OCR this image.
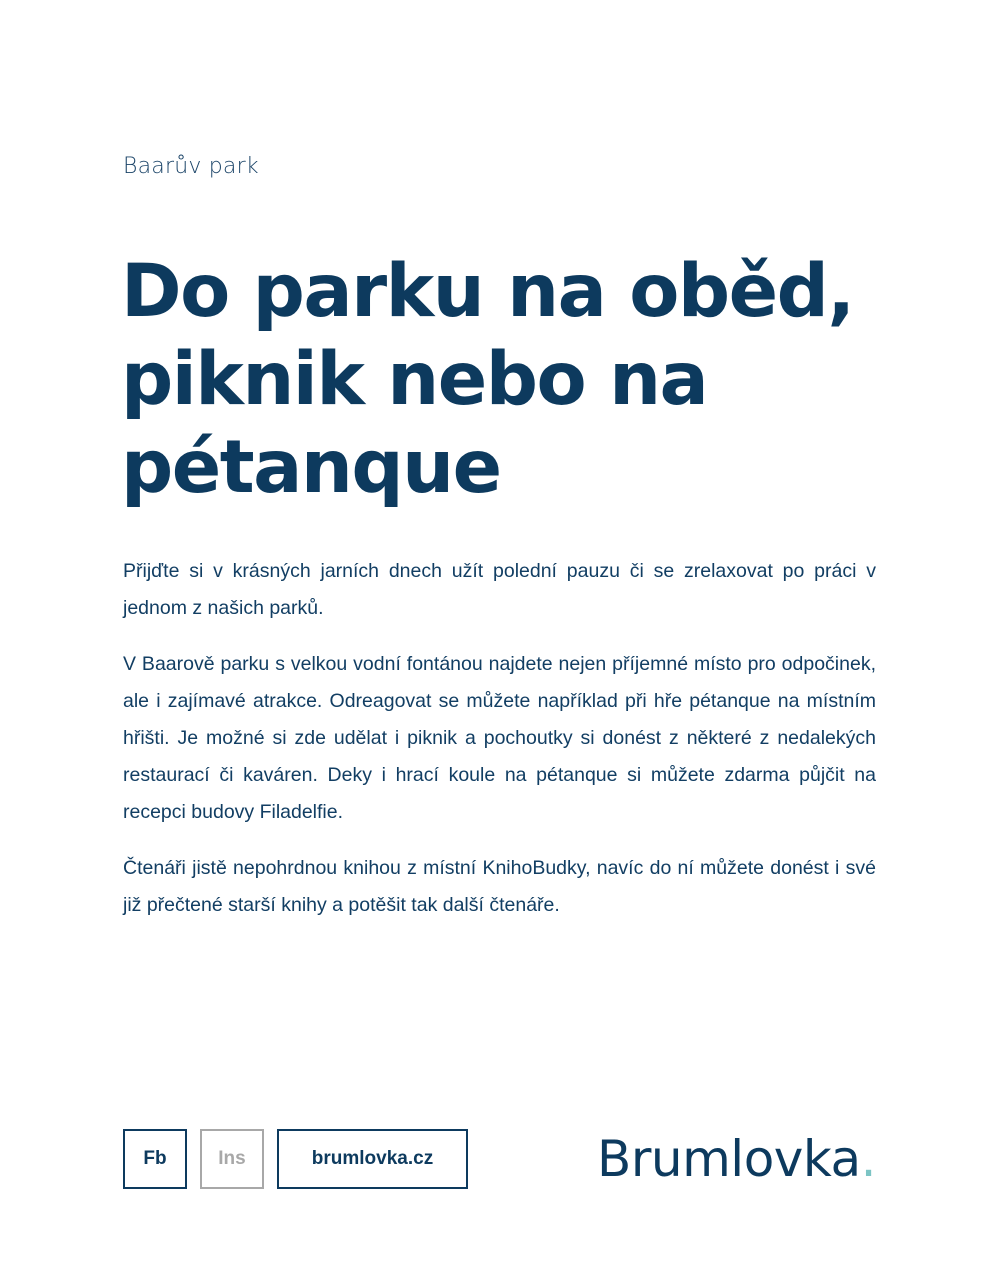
Baarův park
Do parku na oběd, piknik nebo na pétanque

Přijďte si v krásných jarních dnech užít polední pauzu či se zrelaxovat po práci v jednom z našich parků.

V Baarově parku s velkou vodní fontánou najdete nejen příjemné místo pro odpočinek, ale i zajímavé atrakce. Odreagovat se můžete například při hře pétanque na místním hřišti. Je možné si zde udělat i piknik a pochoutky si donést z některé z nedalekých restaurací či kaváren. Deky i hrací koule na pétanque si můžete zdarma půjčit na recepci budovy Filadelfie.

Čtenáři jistě nepohrdnou knihou z místní KnihoBudky, navíc do ní můžete donést i své již přečtené starší knihy a potěšit tak další čtenáře.

Fb	Ins	brumlovka.cz	Brumlovka.
